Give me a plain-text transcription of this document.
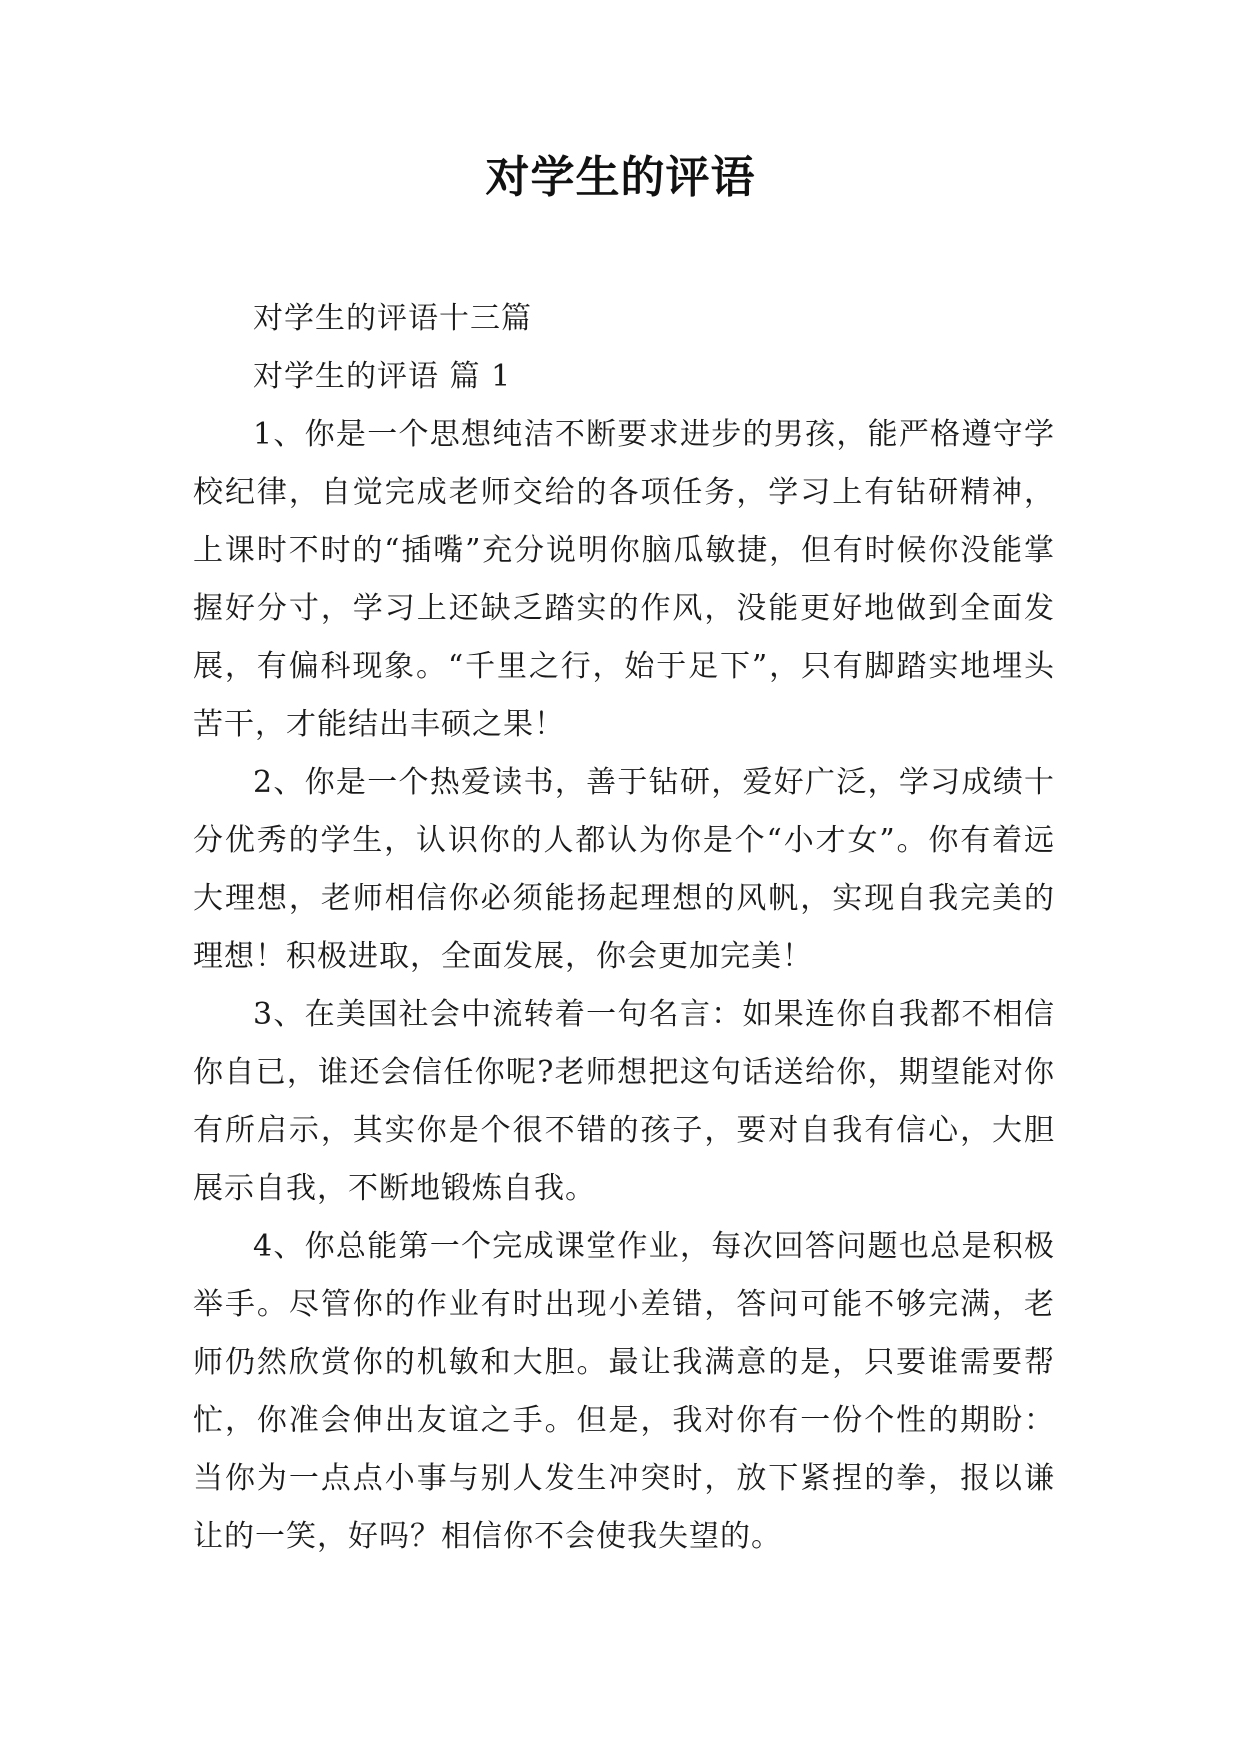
对学生的评语

对学生的评语十三篇

对学生的评语 篇 1

1、你是一个思想纯洁不断要求进步的男孩，能严格遵守学校纪律，自觉完成老师交给的各项任务，学习上有钻研精神，上课时不时的“插嘴”充分说明你脑瓜敏捷，但有时候你没能掌握好分寸，学习上还缺乏踏实的作风，没能更好地做到全面发展，有偏科现象。“千里之行，始于足下”，只有脚踏实地埋头苦干，才能结出丰硕之果！

2、你是一个热爱读书，善于钻研，爱好广泛，学习成绩十分优秀的学生，认识你的人都认为你是个“小才女”。你有着远大理想，老师相信你必须能扬起理想的风帆，实现自我完美的理想！积极进取，全面发展，你会更加完美！

3、在美国社会中流转着一句名言：如果连你自我都不相信你自已，谁还会信任你呢?老师想把这句话送给你，期望能对你有所启示，其实你是个很不错的孩子，要对自我有信心，大胆展示自我，不断地锻炼自我。

4、你总能第一个完成课堂作业，每次回答问题也总是积极举手。尽管你的作业有时出现小差错，答问可能不够完满，老师仍然欣赏你的机敏和大胆。最让我满意的是，只要谁需要帮忙，你准会伸出友谊之手。但是，我对你有一份个性的期盼：当你为一点点小事与别人发生冲突时，放下紧捏的拳，报以谦让的一笑，好吗？相信你不会使我失望的。
